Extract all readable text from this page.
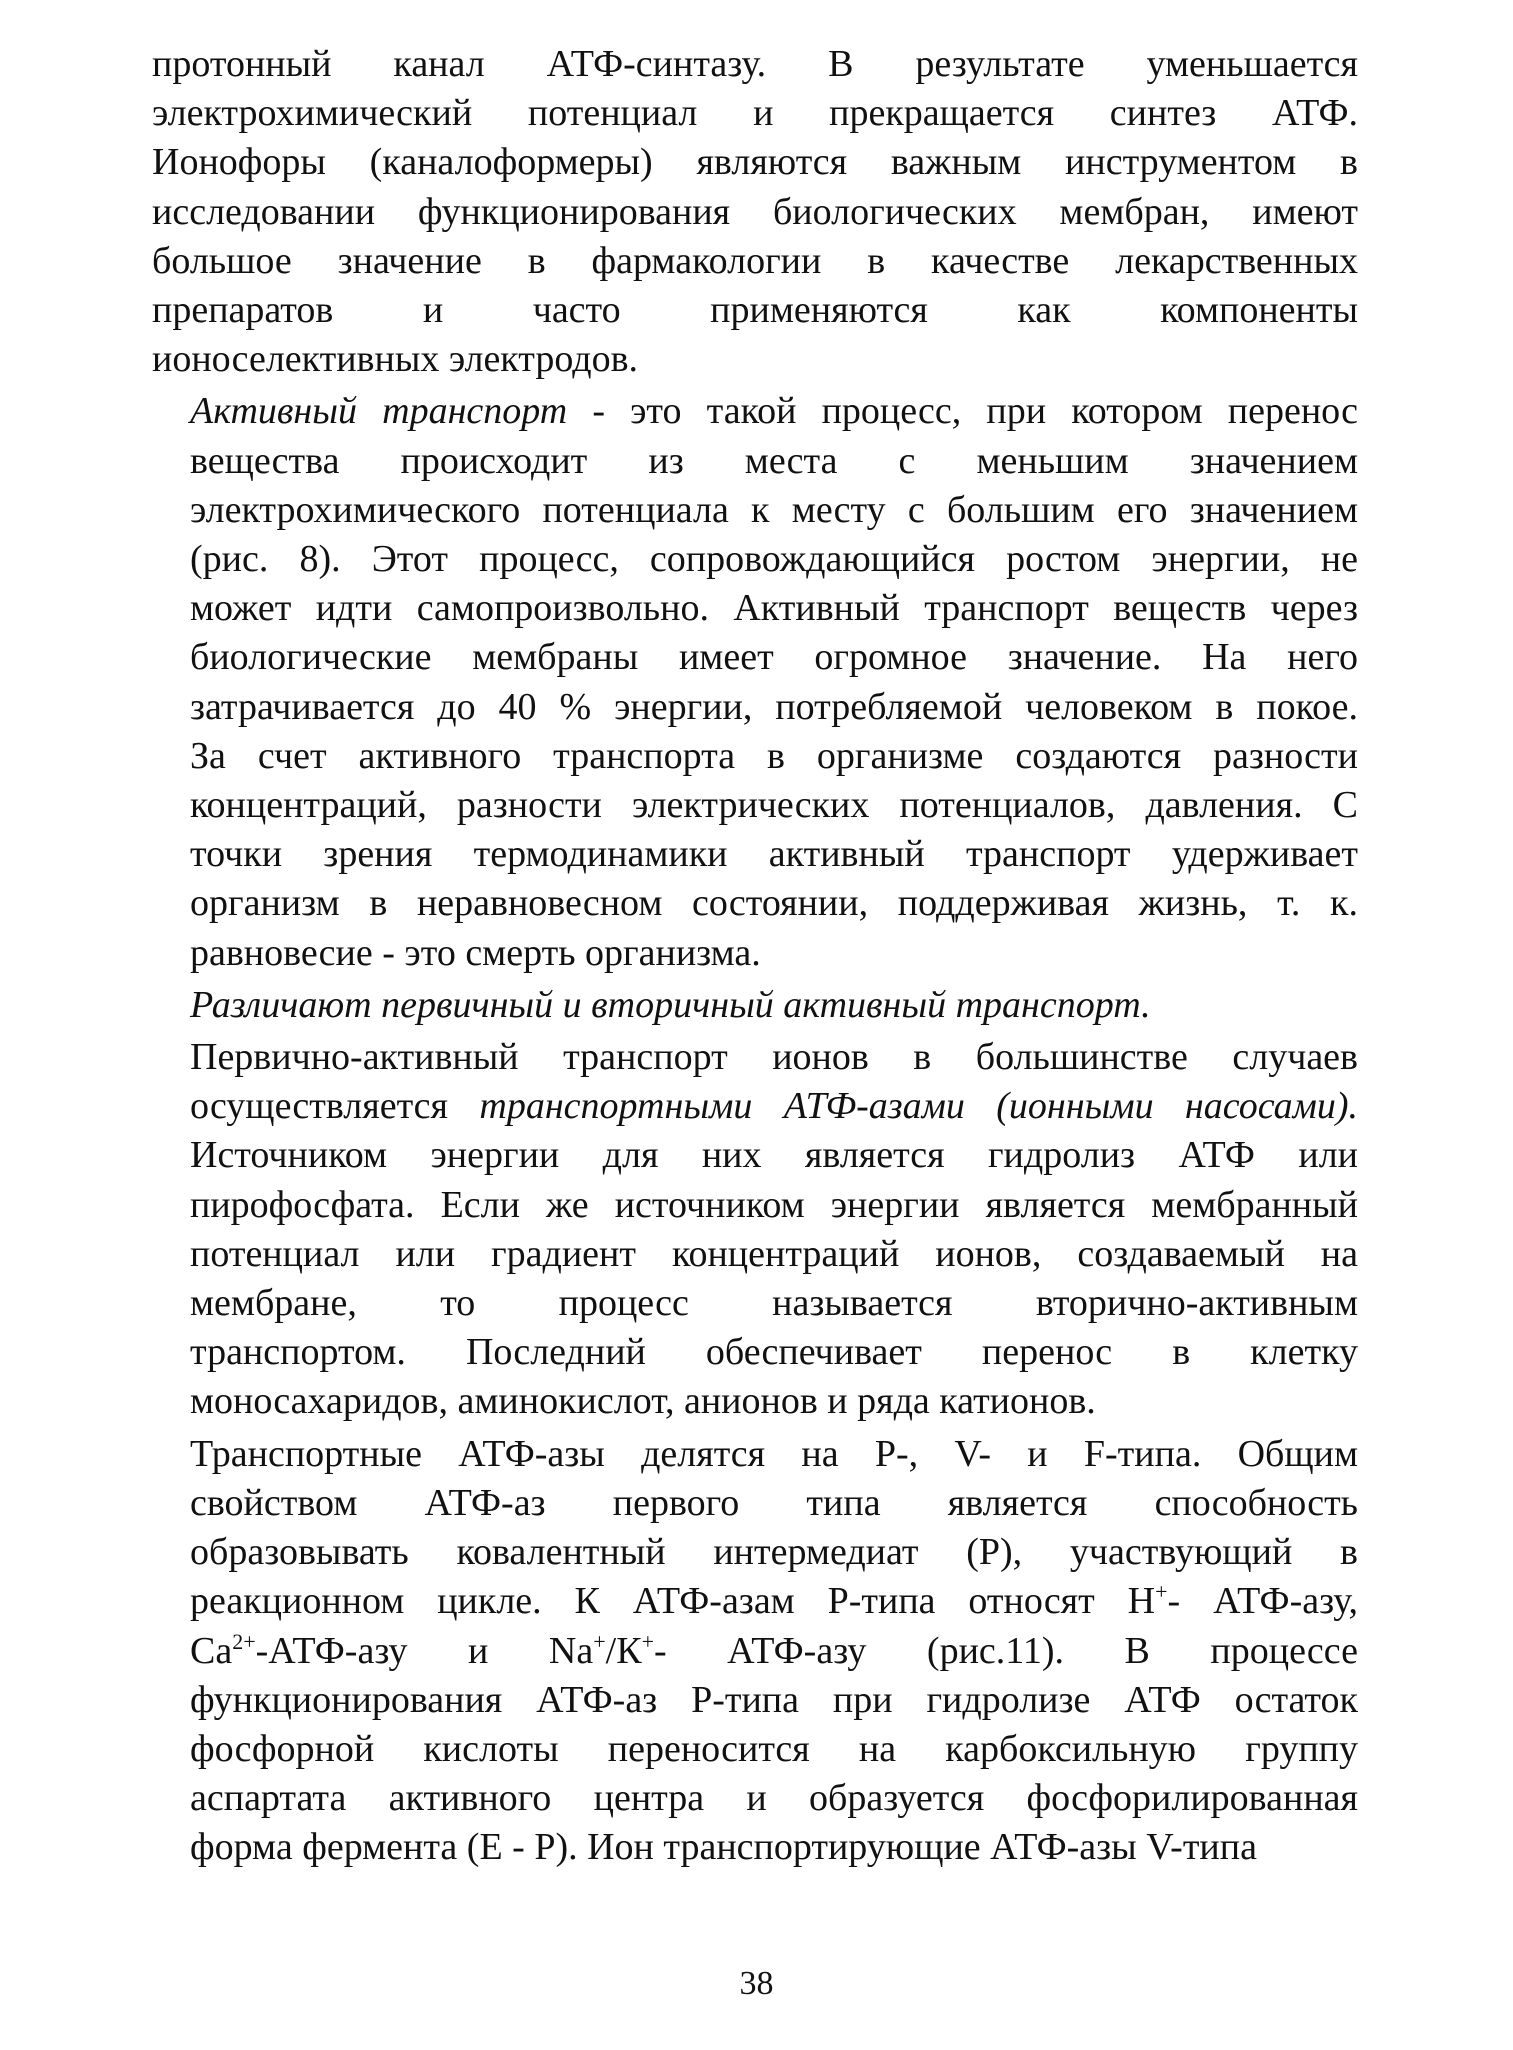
протонный канал АТФ-синтазу. В результате уменьшается
электрохимический потенциал и прекращается синтез АТФ.
Ионофоры (каналоформеры) являются важным инструментом в
исследовании функционирования биологических мембран, имеют
большое значение в фармакологии в качестве лекарственных
препаратов и часто применяются как компоненты
ионоселективных электродов.

Активный транспорт - это такой процесс, при котором перенос
вещества происходит из места с меньшим значением
электрохимического потенциала к месту с большим его значением
(рис. 8). Этот процесс, сопровождающийся ростом энергии, не
может идти самопроизвольно. Активный транспорт веществ через
биологические мембраны имеет огромное значение. На него
затрачивается до 40 % энергии, потребляемой человеком в покое.
За счет активного транспорта в организме создаются разности
концентраций, разности электрических потенциалов, давления. С
точки зрения термодинамики активный транспорт удерживает
организм в неравновесном состоянии, поддерживая жизнь, т. к.
равновесие - это смерть организма.

Различают первичный и вторичный активный транспорт.

Первично-активный транспорт ионов в большинстве случаев
осуществляется транспортными АТФ-азами (ионными насосами).
Источником энергии для них является гидролиз АТФ или
пирофосфата. Если же источником энергии является мембранный
потенциал или градиент концентраций ионов, создаваемый на
мембране, то процесс называется вторично-активным
транспортом. Последний обеспечивает перенос в клетку
моносахаридов, аминокислот, анионов и ряда катионов.

Транспортные АТФ-азы делятся на Р-, V- и F-типа. Общим
свойством АТФ-аз первого типа является способность
образовывать ковалентный интермедиат (Р), участвующий в
реакционном цикле. К АТФ-азам Р-типа относят Н+- АТФ-азу,
$Са^{2+}-АТФ$-азу и Na+/К+- АТФ-азу (рис.11). В процессе
функционирования АТФ-аз Р-типа при гидролизе АТФ остаток
фосфорной кислоты переносится на карбоксильную группу
аспартата активного центра и образуется фосфорилированная
форма фермента (Е - Р). Ион транспортирующие АТФ-азы V-типа

38
